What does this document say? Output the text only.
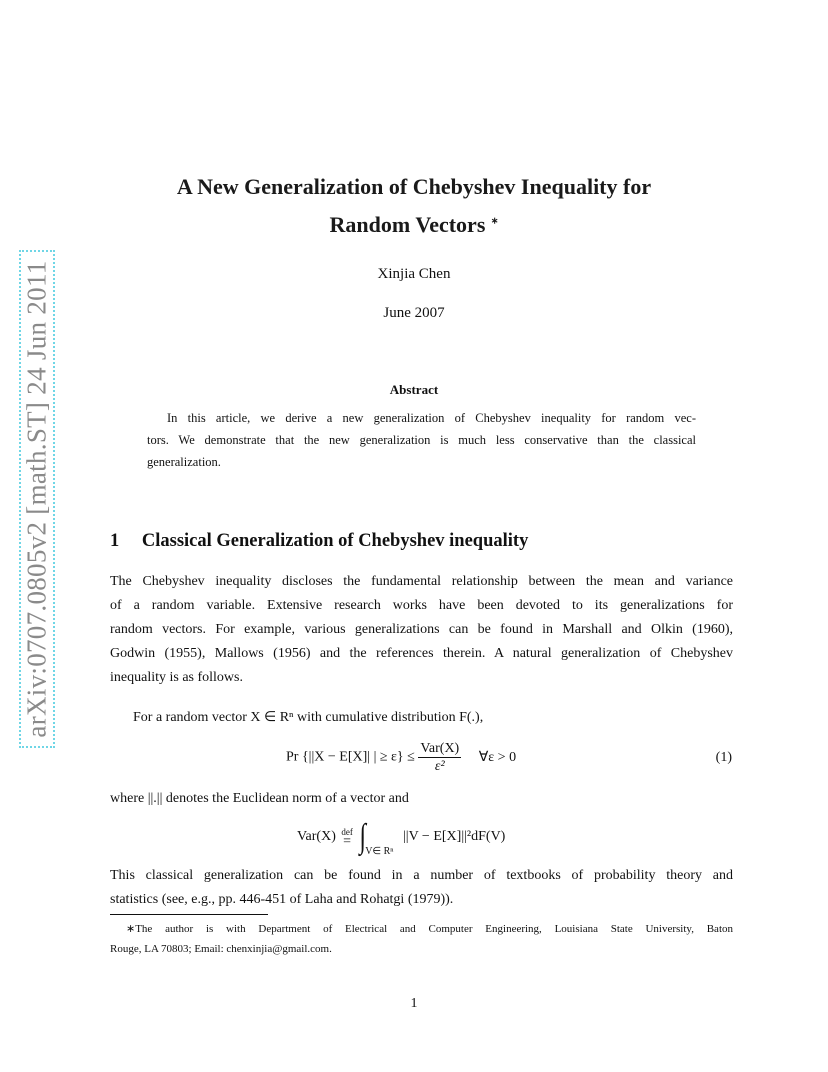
arXiv:0707.0805v2 [math.ST] 24 Jun 2011
A New Generalization of Chebyshev Inequality for
Random Vectors ∗
Xinjia Chen
June 2007
Abstract
In this article, we derive a new generalization of Chebyshev inequality for random vec-
tors. We demonstrate that the new generalization is much less conservative than the classical
generalization.
1 Classical Generalization of Chebyshev inequality
The Chebyshev inequality discloses the fundamental relationship between the mean and variance
of a random variable. Extensive research works have been devoted to its generalizations for
random vectors. For example, various generalizations can be found in Marshall and Olkin (1960),
Godwin (1955), Mallows (1956) and the references therein. A natural generalization of Chebyshev
inequality is as follows.
For a random vector X ∈ Rⁿ with cumulative distribution F(.),
Pr {||X − E[X]| | ≥ $\varepsilon\} \le \frac{\text{Var(X)}}{\text{ε²}}$ ∀ε > 0	(1)
where ||.|| denotes the Euclidean norm of a vector and
Var(X) def
= ∫ $_{V\in R^n}$ ||V − E[X]||²dF(V)
This classical generalization can be found in a number of textbooks of probability theory and
statistics (see, e.g., pp. 446-451 of Laha and Rohatgi (1979)).
∗The author is with Department of Electrical and Computer Engineering, Louisiana State University, Baton
Rouge, LA 70803; Email: chenxinjia@gmail.com.
1
